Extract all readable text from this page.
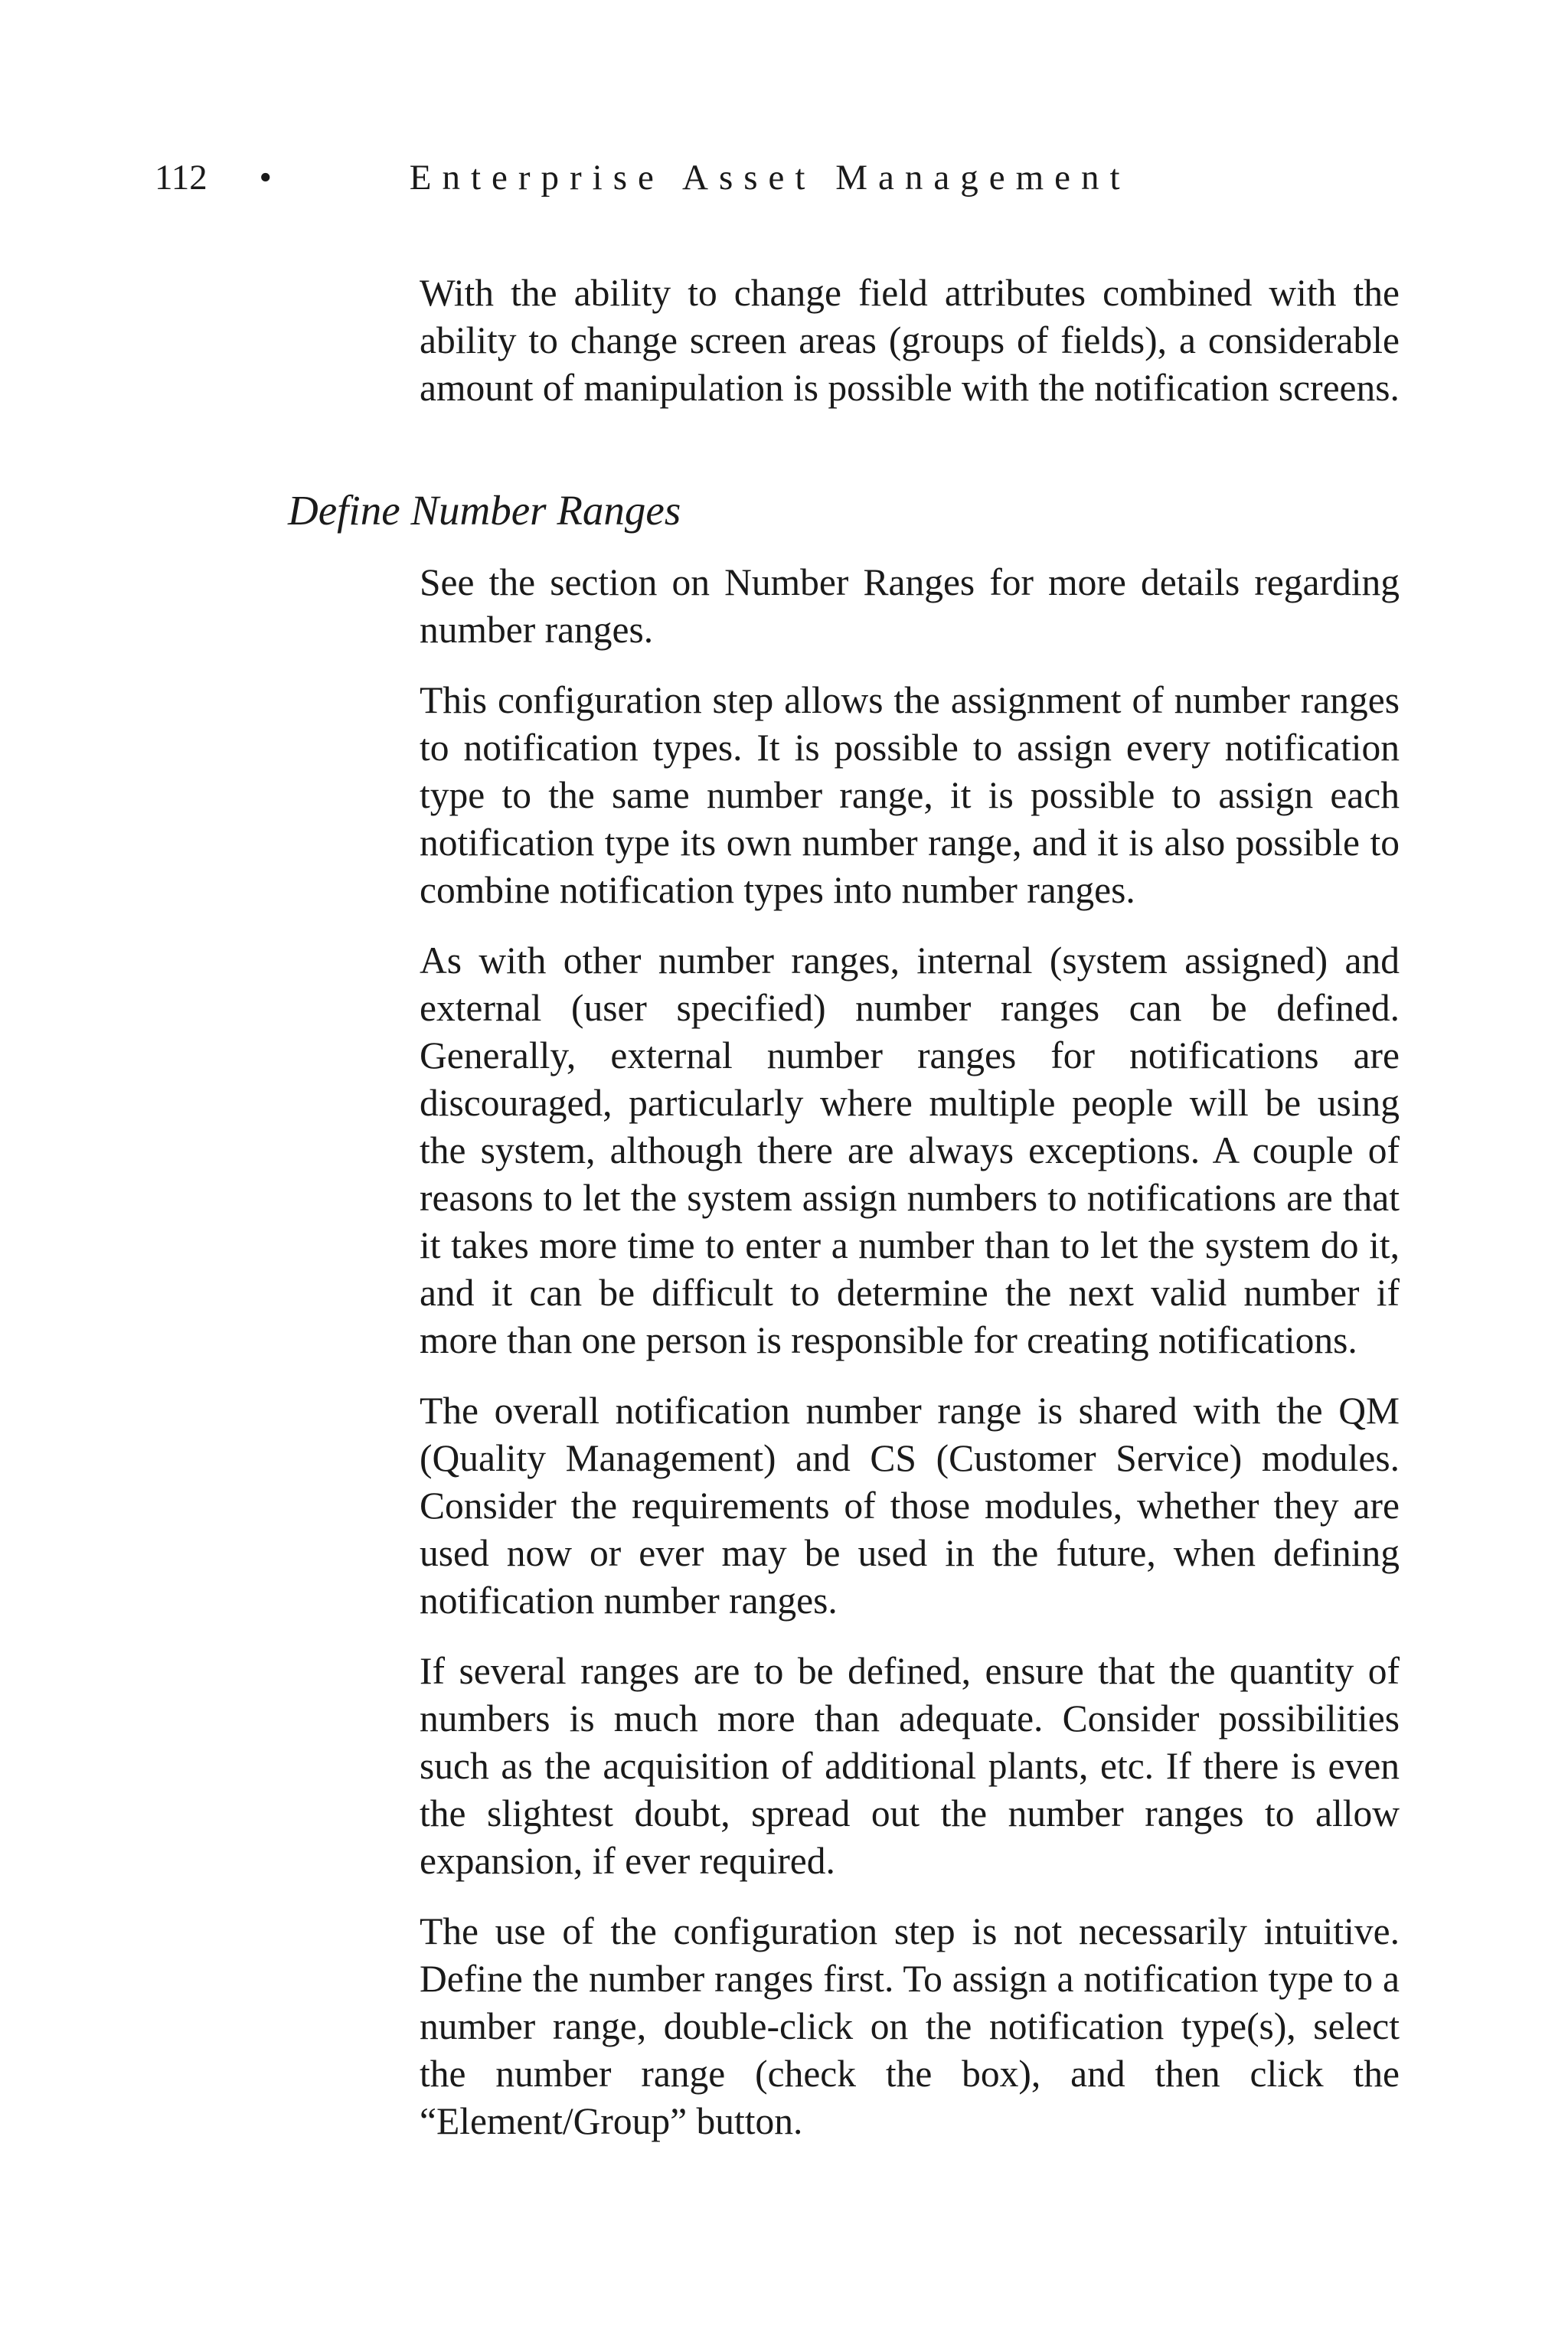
112 •	Enterprise Asset Management

With the ability to change field attributes combined with the ability to change screen areas (groups of fields), a considerable amount of manipulation is possible with the notification screens.

Define Number Ranges

See the section on Number Ranges for more details regarding number ranges.

This configuration step allows the assignment of number ranges to notification types. It is possible to assign every notification type to the same number range, it is possible to assign each notification type its own number range, and it is also possible to combine notification types into number ranges.

As with other number ranges, internal (system assigned) and external (user specified) number ranges can be defined. Generally, external number ranges for notifications are discouraged, particularly where multiple people will be using the system, although there are always exceptions. A couple of reasons to let the system assign numbers to notifications are that it takes more time to enter a number than to let the system do it, and it can be difficult to determine the next valid number if more than one person is responsible for creating notifications.

The overall notification number range is shared with the QM (Quality Management) and CS (Customer Service) modules. Consider the requirements of those modules, whether they are used now or ever may be used in the future, when defining notification number ranges.

If several ranges are to be defined, ensure that the quantity of numbers is much more than adequate. Consider possibilities such as the acquisition of additional plants, etc. If there is even the slightest doubt, spread out the number ranges to allow expansion, if ever required.

The use of the configuration step is not necessarily intuitive. Define the number ranges first. To assign a notification type to a number range, double-click on the notification type(s), select the number range (check the box), and then click the “Element/Group” button.
